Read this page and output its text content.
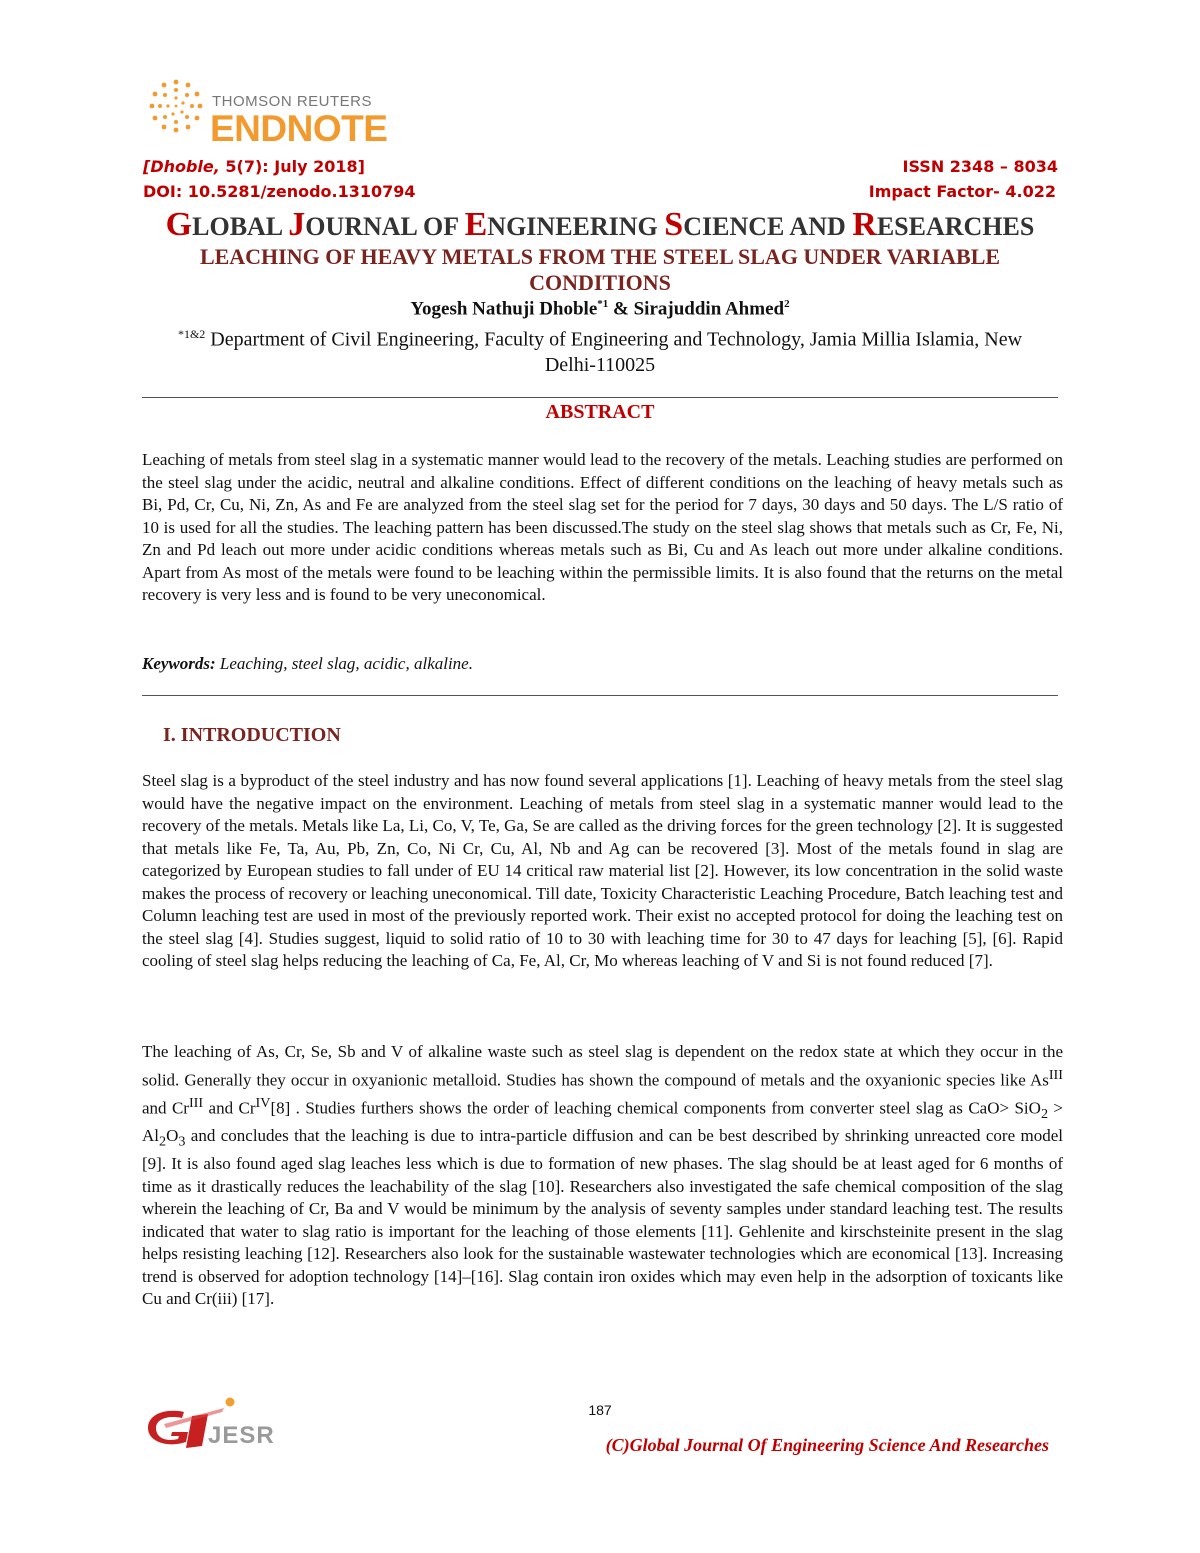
THOMSON REUTERS
ENDNOTE
[Dhoble, 5(7): July 2018]
DOI: 10.5281/zenodo.1310794
ISSN 2348 – 8034
Impact Factor- 4.022
GLOBAL JOURNAL OF ENGINEERING SCIENCE AND RESEARCHES
LEACHING OF HEAVY METALS FROM THE STEEL SLAG UNDER VARIABLE CONDITIONS
Yogesh Nathuji Dhoble$^{*1}$ & Sirajuddin Ahmed$^2$
$^{*1\&2}$ Department of Civil Engineering, Faculty of Engineering and Technology, Jamia Millia Islamia, New Delhi-110025
ABSTRACT
Leaching of metals from steel slag in a systematic manner would lead to the recovery of the metals. Leaching studies are performed on the steel slag under the acidic, neutral and alkaline conditions. Effect of different conditions on the leaching of heavy metals such as Bi, Pd, Cr, Cu, Ni, Zn, As and Fe are analyzed from the steel slag set for the period for 7 days, 30 days and 50 days. The L/S ratio of 10 is used for all the studies. The leaching pattern has been discussed.The study on the steel slag shows that metals such as Cr, Fe, Ni, Zn and Pd leach out more under acidic conditions whereas metals such as Bi, Cu and As leach out more under alkaline conditions. Apart from As most of the metals were found to be leaching within the permissible limits. It is also found that the returns on the metal recovery is very less and is found to be very uneconomical.
Keywords: Leaching, steel slag, acidic, alkaline.
I. INTRODUCTION
Steel slag is a byproduct of the steel industry and has now found several applications [1]. Leaching of heavy metals from the steel slag would have the negative impact on the environment. Leaching of metals from steel slag in a systematic manner would lead to the recovery of the metals. Metals like La, Li, Co, V, Te, Ga, Se are called as the driving forces for the green technology [2]. It is suggested that metals like Fe, Ta, Au, Pb, Zn, Co, Ni Cr, Cu, Al, Nb and Ag can be recovered [3]. Most of the metals found in slag are categorized by European studies to fall under of EU 14 critical raw material list [2]. However, its low concentration in the solid waste makes the process of recovery or leaching uneconomical. Till date, Toxicity Characteristic Leaching Procedure, Batch leaching test and Column leaching test are used in most of the previously reported work. Their exist no accepted protocol for doing the leaching test on the steel slag [4]. Studies suggest, liquid to solid ratio of 10 to 30 with leaching time for 30 to 47 days for leaching [5], [6]. Rapid cooling of steel slag helps reducing the leaching of Ca, Fe, Al, Cr, Mo whereas leaching of V and Si is not found reduced [7].
The leaching of As, Cr, Se, Sb and V of alkaline waste such as steel slag is dependent on the redox state at which they occur in the solid. Generally they occur in oxyanionic metalloid. Studies has shown the compound of metals and the oxyanionic species like $As^{III}$ and $Cr^{III}$ and $Cr^{IV}[8]$ . Studies furthers shows the order of leaching chemical components from converter steel slag as $CaO> SiO_2 > Al_2O_3$ and concludes that the leaching is due to intra-particle diffusion and can be best described by shrinking unreacted core model [9]. It is also found aged slag leaches less which is due to formation of new phases. The slag should be at least aged for 6 months of time as it drastically reduces the leachability of the slag [10]. Researchers also investigated the safe chemical composition of the slag wherein the leaching of Cr, Ba and V would be minimum by the analysis of seventy samples under standard leaching test. The results indicated that water to slag ratio is important for the leaching of those elements [11]. Gehlenite and kirschsteinite present in the slag helps resisting leaching [12]. Researchers also look for the sustainable wastewater technologies which are economical [13]. Increasing trend is observed for adoption technology [14]–[16]. Slag contain iron oxides which may even help in the adsorption of toxicants like Cu and Cr(iii) [17].
JESR
187
(C)Global Journal Of Engineering Science And Researches
